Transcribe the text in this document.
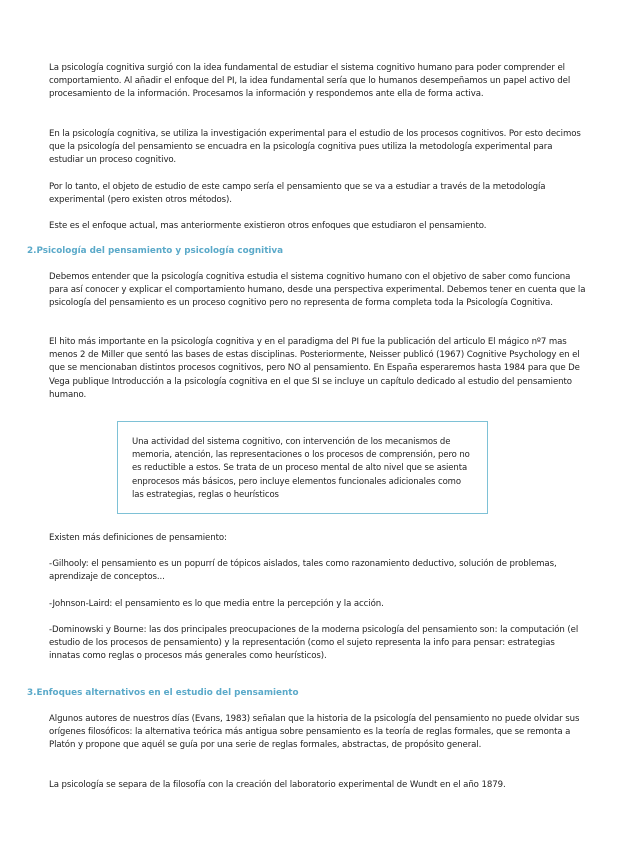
La psicología cognitiva surgió con la idea fundamental de estudiar el sistema cognitivo humano para poder comprender el comportamiento. Al añadir el enfoque del PI, la idea fundamental sería que lo humanos desempeñamos un papel activo del procesamiento de la información. Procesamos la información y respondemos ante ella de forma activa.

En la psicología cognitiva, se utiliza la investigación experimental para el estudio de los procesos cognitivos. Por esto decimos que la psicología del pensamiento se encuadra en la psicología cognitiva pues utiliza la metodología experimental para estudiar un proceso cognitivo.

Por lo tanto, el objeto de estudio de este campo sería el pensamiento que se va a estudiar a través de la metodología experimental (pero existen otros métodos).

Este es el enfoque actual, mas anteriormente existieron otros enfoques que estudiaron el pensamiento.

2.Psicología del pensamiento y psicología cognitiva

Debemos entender que la psicología cognitiva estudia el sistema cognitivo humano con el objetivo de saber como funciona para así conocer y explicar el comportamiento humano, desde una perspectiva experimental. Debemos tener en cuenta que la psicología del pensamiento es un proceso cognitivo pero no representa de forma completa toda la Psicología Cognitiva.

El hito más importante en la psicología cognitiva y en el paradigma del PI fue la publicación del articulo El mágico nº7 mas menos 2 de Miller que sentó las bases de estas disciplinas. Posteriormente, Neisser publicó (1967) Cognitive Psychology en el que se mencionaban distintos procesos cognitivos, pero NO al pensamiento. En España esperaremos hasta 1984 para que De Vega publique Introducción a la psicología cognitiva en el que SI se incluye un capítulo dedicado al estudio del pensamiento humano.

Una actividad del sistema cognitivo, con intervención de los mecanismos de memoria, atención, las representaciones o los procesos de comprensión, pero no es reductible a estos. Se trata de un proceso mental de alto nivel que se asienta enprocesos más básicos, pero incluye elementos funcionales adicionales como las estrategias, reglas o heurísticos

Existen más definiciones de pensamiento:

-Gilhooly: el pensamiento es un popurrí de tópicos aislados, tales como razonamiento deductivo, solución de problemas, aprendizaje de conceptos...

-Johnson-Laird: el pensamiento es lo que media entre la percepción y la acción.

-Dominowski y Bourne: las dos principales preocupaciones de la moderna psicología del pensamiento son: la computación (el estudio de los procesos de pensamiento) y la representación (como el sujeto representa la info para pensar: estrategias innatas como reglas o procesos más generales como heurísticos).

3.Enfoques alternativos en el estudio del pensamiento

Algunos autores de nuestros días (Evans, 1983) señalan que la historia de la psicología del pensamiento no puede olvidar sus orígenes filosóficos: la alternativa teórica más antigua sobre pensamiento es la teoría de reglas formales, que se remonta a Platón y propone que aquél se guía por una serie de reglas formales, abstractas, de propósito general.

La psicología se separa de la filosofía con la creación del laboratorio experimental de Wundt en el año 1879.
